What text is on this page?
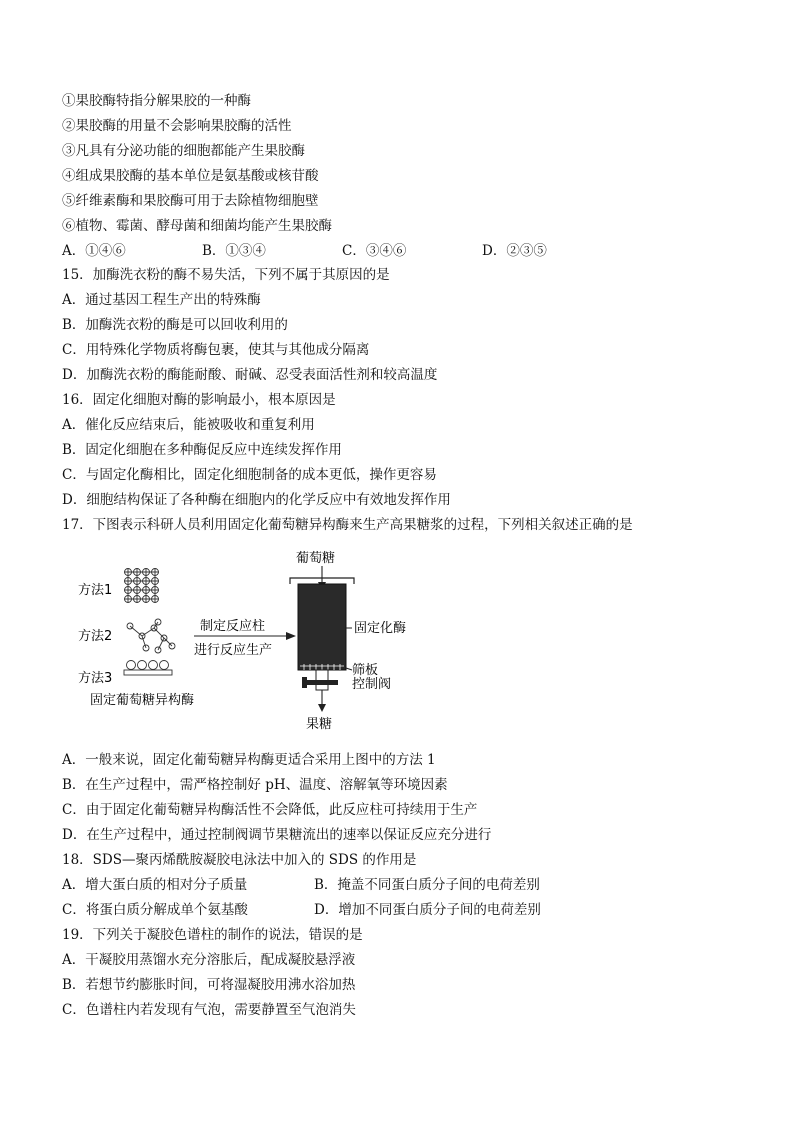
①果胶酶特指分解果胶的一种酶
②果胶酶的用量不会影响果胶酶的活性
③凡具有分泌功能的细胞都能产生果胶酶
④组成果胶酶的基本单位是氨基酸或核苷酸
⑤纤维素酶和果胶酶可用于去除植物细胞壁
⑥植物、霉菌、酵母菌和细菌均能产生果胶酶
A．①④⑥	B．①③④	C．③④⑥	D．②③⑤
15．加酶洗衣粉的酶不易失活，下列不属于其原因的是
A．通过基因工程生产出的特殊酶
B．加酶洗衣粉的酶是可以回收利用的
C．用特殊化学物质将酶包裹，使其与其他成分隔离
D．加酶洗衣粉的酶能耐酸、耐碱、忍受表面活性剂和较高温度
16．固定化细胞对酶的影响最小，根本原因是
A．催化反应结束后，能被吸收和重复利用
B．固定化细胞在多种酶促反应中连续发挥作用
C．与固定化酶相比，固定化细胞制备的成本更低，操作更容易
D．细胞结构保证了各种酶在细胞内的化学反应中有效地发挥作用
17．下图表示科研人员利用固定化葡萄糖异构酶来生产高果糖浆的过程，下列相关叙述正确的是
方法1
方法2
方法3
固定葡萄糖异构酶
制定反应柱
进行反应生产
葡萄糖
固定化酶
筛板
控制阀
果糖
A．一般来说，固定化葡萄糖异构酶更适合采用上图中的方法 1
B．在生产过程中，需严格控制好 pH、温度、溶解氧等环境因素
C．由于固定化葡萄糖异构酶活性不会降低，此反应柱可持续用于生产
D．在生产过程中，通过控制阀调节果糖流出的速率以保证反应充分进行
18．SDS—聚丙烯酰胺凝胶电泳法中加入的 SDS 的作用是
A．增大蛋白质的相对分子质量	B．掩盖不同蛋白质分子间的电荷差别
C．将蛋白质分解成单个氨基酸	D．增加不同蛋白质分子间的电荷差别
19．下列关于凝胶色谱柱的制作的说法，错误的是
A．干凝胶用蒸馏水充分溶胀后，配成凝胶悬浮液
B．若想节约膨胀时间，可将湿凝胶用沸水浴加热
C．色谱柱内若发现有气泡，需要静置至气泡消失
